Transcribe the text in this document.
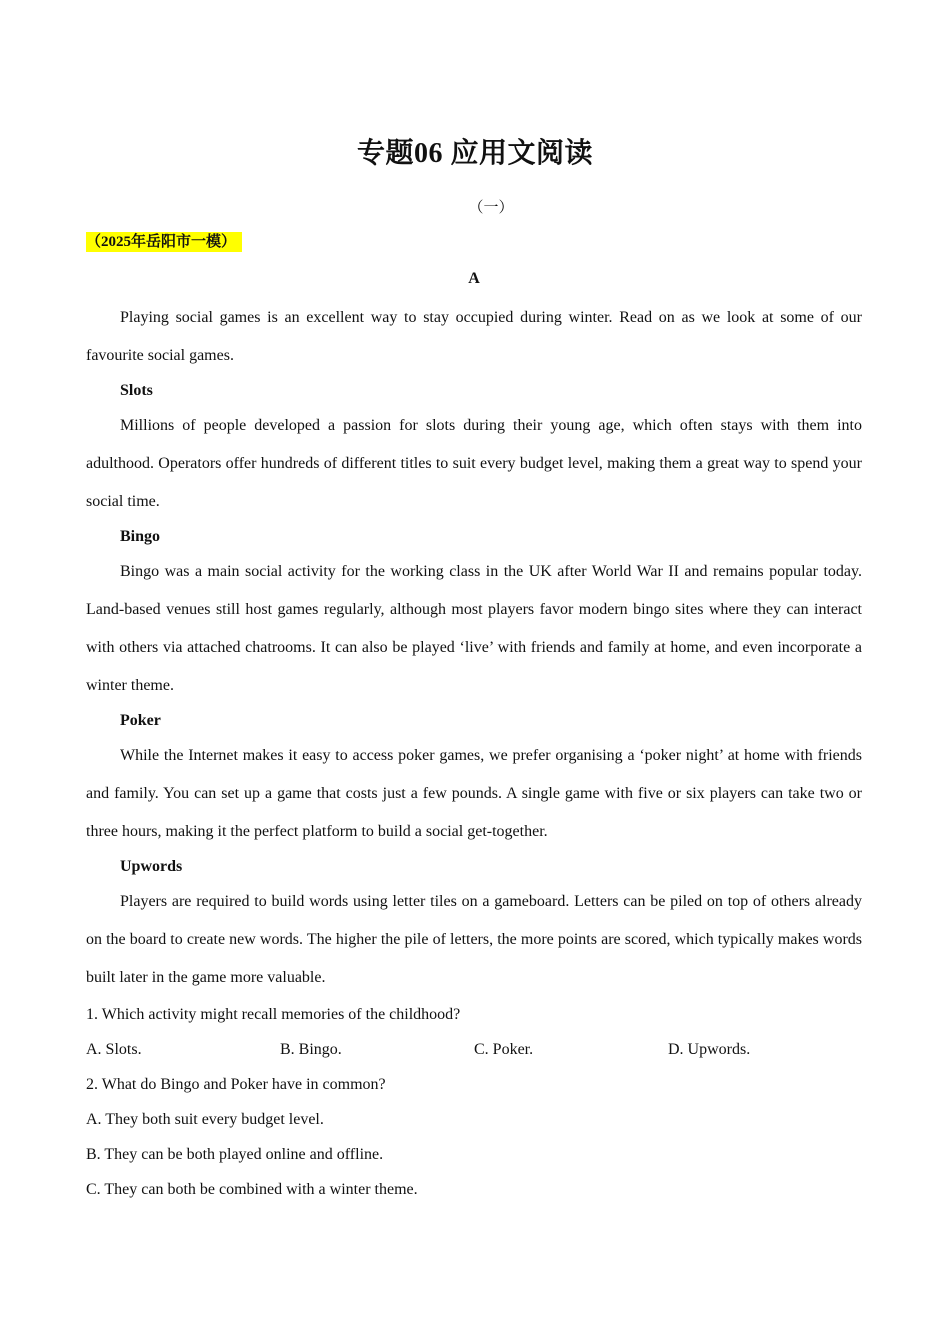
专题06 应用文阅读
（一）
（2025年岳阳市一模）
A

Playing social games is an excellent way to stay occupied during winter. Read on as we look at some of our favourite social games.

Slots

Millions of people developed a passion for slots during their young age, which often stays with them into adulthood. Operators offer hundreds of different titles to suit every budget level, making them a great way to spend your social time.

Bingo

Bingo was a main social activity for the working class in the UK after World War II and remains popular today. Land-based venues still host games regularly, although most players favor modern bingo sites where they can interact with others via attached chatrooms. It can also be played ‘live’ with friends and family at home, and even incorporate a winter theme.

Poker

While the Internet makes it easy to access poker games, we prefer organising a ‘poker night’ at home with friends and family. You can set up a game that costs just a few pounds. A single game with five or six players can take two or three hours, making it the perfect platform to build a social get-together.

Upwords

Players are required to build words using letter tiles on a gameboard. Letters can be piled on top of others already on the board to create new words. The higher the pile of letters, the more points are scored, which typically makes words built later in the game more valuable.

1. Which activity might recall memories of the childhood?
A. Slots.	B. Bingo.	C. Poker.	D. Upwords.
2. What do Bingo and Poker have in common?
A. They both suit every budget level.
B. They can be both played online and offline.
C. They can both be combined with a winter theme.
